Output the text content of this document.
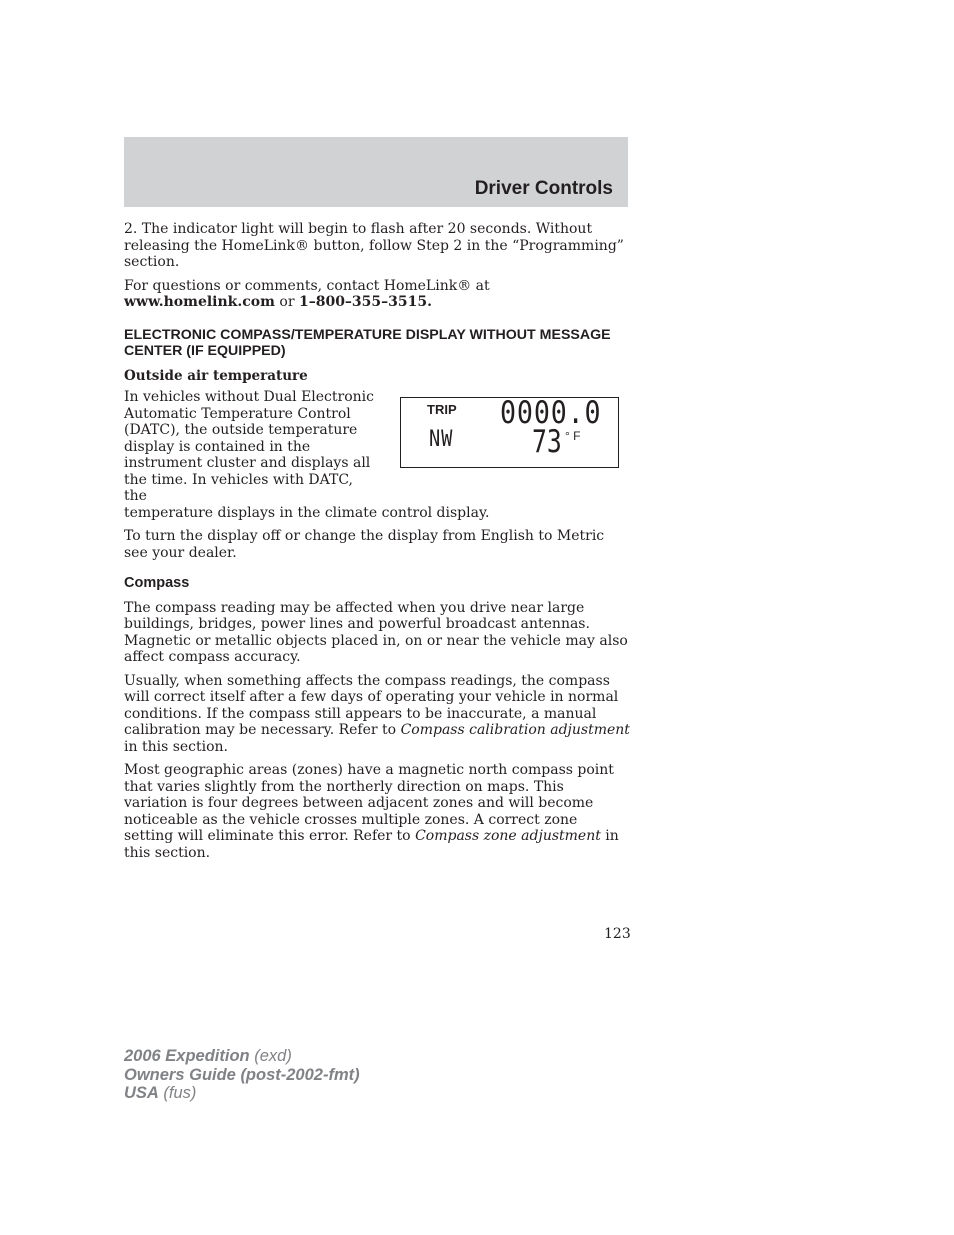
Driver Controls

2. The indicator light will begin to flash after 20 seconds. Without releasing the HomeLink® button, follow Step 2 in the “Programming” section.

For questions or comments, contact HomeLink® at www.homelink.com or 1–800–355–3515.

ELECTRONIC COMPASS/TEMPERATURE DISPLAY WITHOUT MESSAGE CENTER (IF EQUIPPED)
Outside air temperature

In vehicles without Dual Electronic Automatic Temperature Control (DATC), the outside temperature display is contained in the instrument cluster and displays all the time. In vehicles with DATC, the
temperature displays in the climate control display.

To turn the display off or change the display from English to Metric see your dealer.

Compass

The compass reading may be affected when you drive near large buildings, bridges, power lines and powerful broadcast antennas. Magnetic or metallic objects placed in, on or near the vehicle may also affect compass accuracy.

Usually, when something affects the compass readings, the compass will correct itself after a few days of operating your vehicle in normal conditions. If the compass still appears to be inaccurate, a manual calibration may be necessary. Refer to Compass calibration adjustment in this section.

Most geographic areas (zones) have a magnetic north compass point that varies slightly from the northerly direction on maps. This variation is four degrees between adjacent zones and will become noticeable as the vehicle crosses multiple zones. A correct zone setting will eliminate this error. Refer to Compass zone adjustment in this section.

TRIP 0000.0
NW	73 ° F
123
2006 Expedition (exd)
Owners Guide (post-2002-fmt)
USA (fus)
